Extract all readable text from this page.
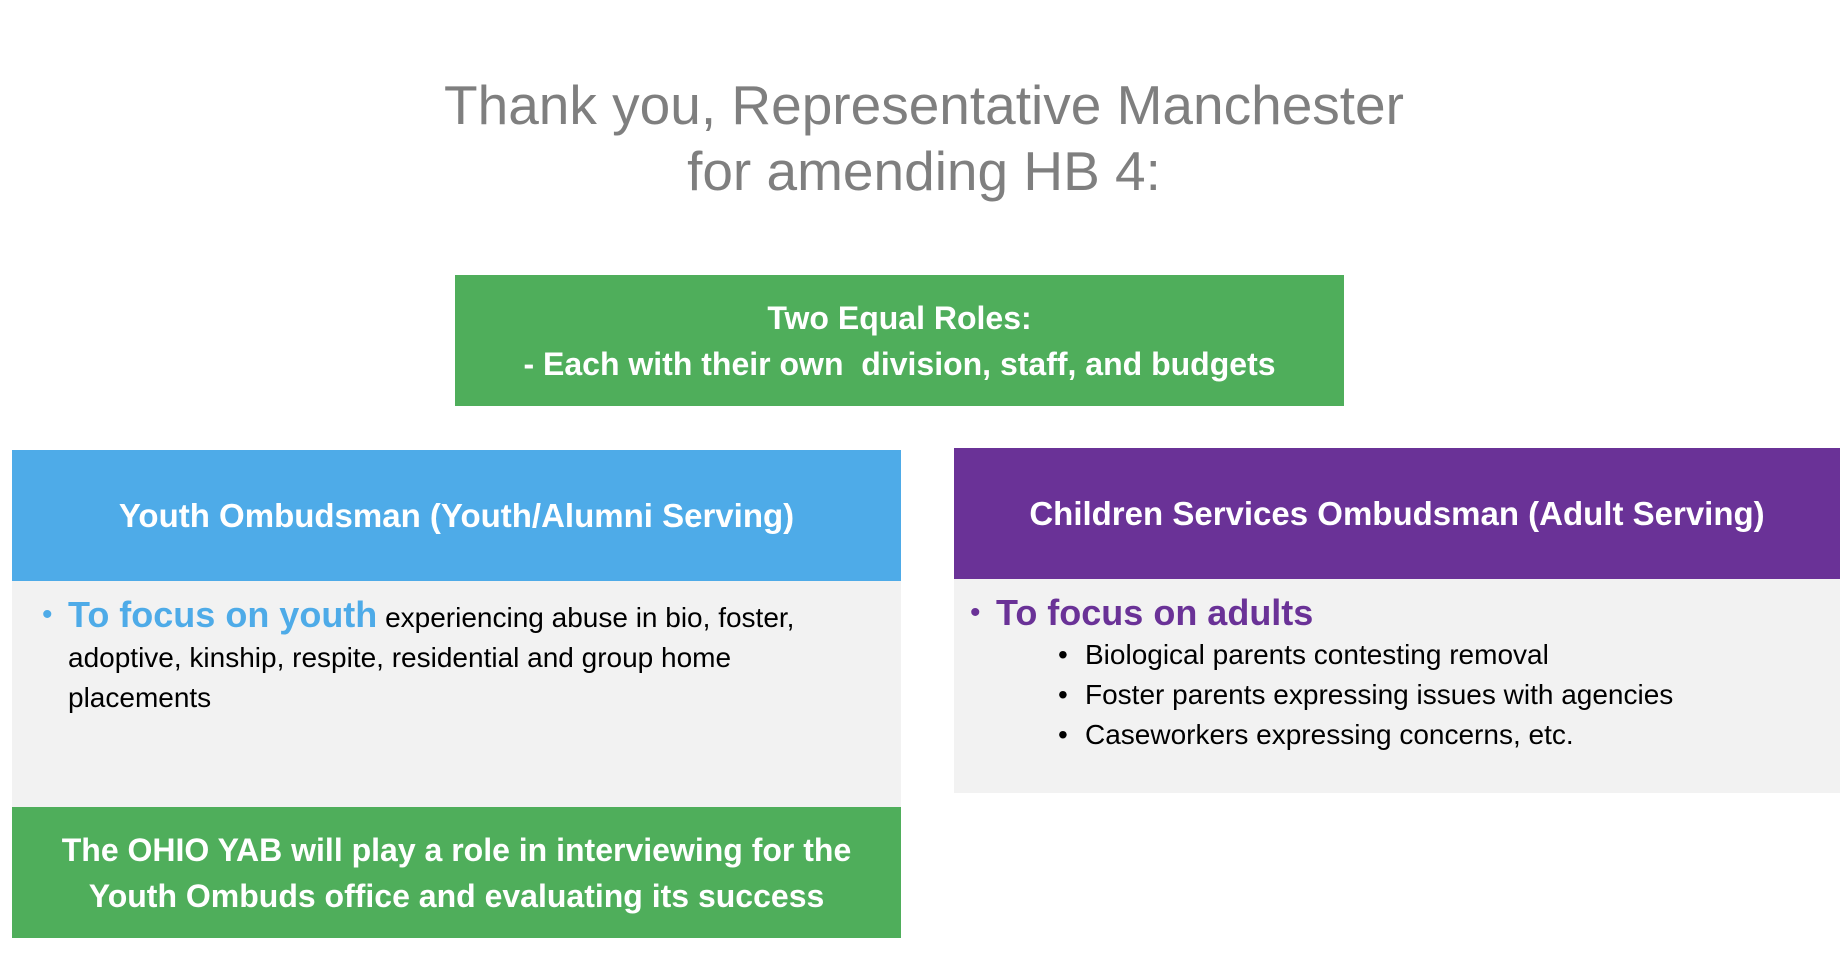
Thank you, Representative Manchester
for amending HB 4:
Two Equal Roles:
- Each with their own  division, staff, and budgets
Youth Ombudsman (Youth/Alumni Serving)
• To focus on youth experiencing abuse in bio, foster,
adoptive, kinship, respite, residential and group home
placements
The OHIO YAB will play a role in interviewing for the
Youth Ombuds office and evaluating its success
Children Services Ombudsman (Adult Serving)
• To focus on adults
• Biological parents contesting removal
• Foster parents expressing issues with agencies
• Caseworkers expressing concerns, etc.
